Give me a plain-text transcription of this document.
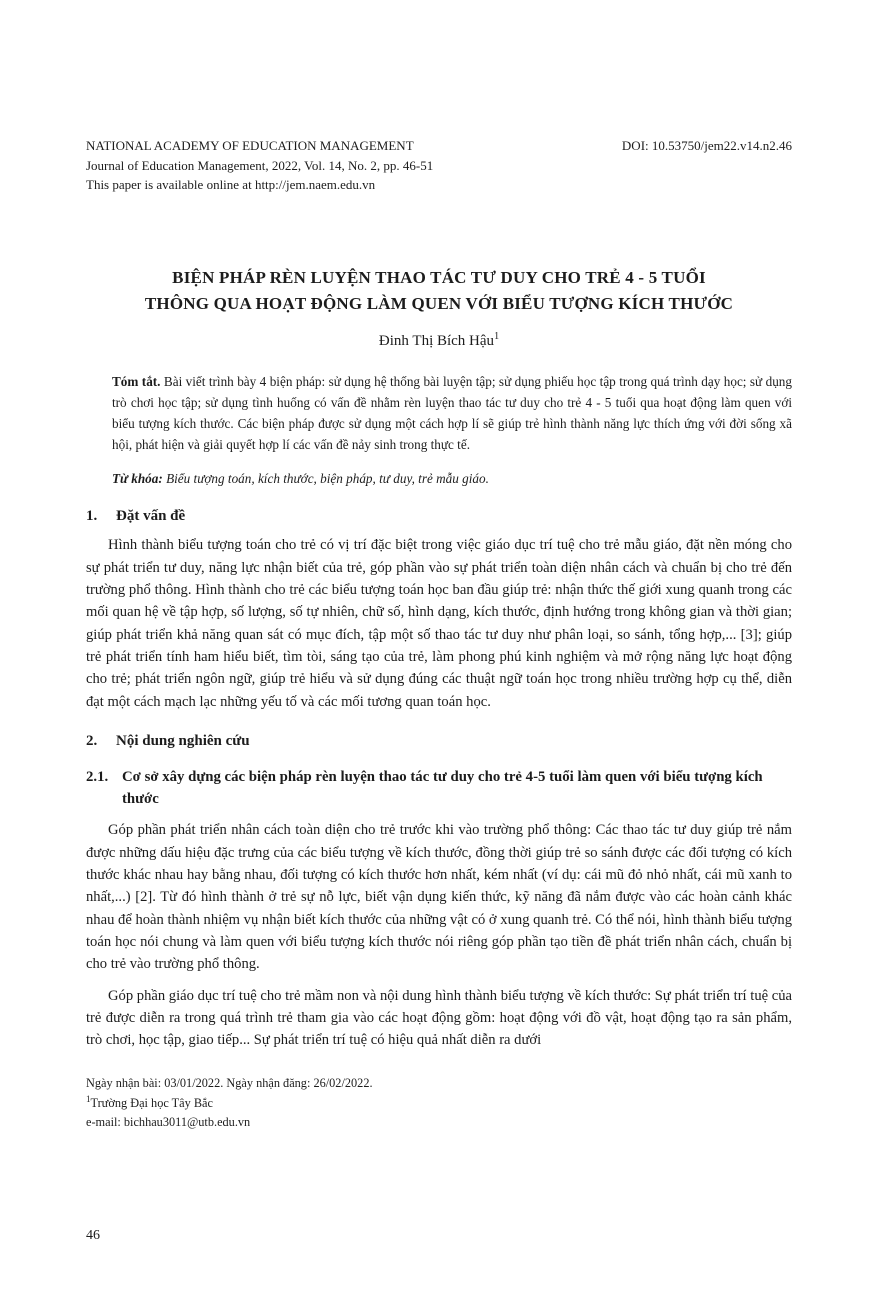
NATIONAL ACADEMY OF EDUCATION MANAGEMENT
Journal of Education Management, 2022, Vol. 14, No. 2, pp. 46-51
This paper is available online at http://jem.naem.edu.vn
DOI: 10.53750/jem22.v14.n2.46
BIỆN PHÁP RÈN LUYỆN THAO TÁC TƯ DUY CHO TRẺ 4 - 5 TUỔI
THÔNG QUA HOẠT ĐỘNG LÀM QUEN VỚI BIỂU TƯỢNG KÍCH THƯỚC
Đinh Thị Bích Hậu$^1$
Tóm tắt. Bài viết trình bày 4 biện pháp: sử dụng hệ thống bài luyện tập; sử dụng phiếu học tập trong quá trình dạy học; sử dụng trò chơi học tập; sử dụng tình huống có vấn đề nhằm rèn luyện thao tác tư duy cho trẻ 4 - 5 tuổi qua hoạt động làm quen với biểu tượng kích thước. Các biện pháp được sử dụng một cách hợp lí sẽ giúp trẻ hình thành năng lực thích ứng với đời sống xã hội, phát hiện và giải quyết hợp lí các vấn đề nảy sinh trong thực tế.
Từ khóa: Biểu tượng toán, kích thước, biện pháp, tư duy, trẻ mẫu giáo.
1.	Đặt vấn đề

Hình thành biểu tượng toán cho trẻ có vị trí đặc biệt trong việc giáo dục trí tuệ cho trẻ mẫu giáo, đặt nền móng cho sự phát triển tư duy, năng lực nhận biết của trẻ, góp phần vào sự phát triển toàn diện nhân cách và chuẩn bị cho trẻ đến trường phổ thông. Hình thành cho trẻ các biểu tượng toán học ban đầu giúp trẻ: nhận thức thế giới xung quanh trong các mối quan hệ về tập hợp, số lượng, số tự nhiên, chữ số, hình dạng, kích thước, định hướng trong không gian và thời gian; giúp phát triển khả năng quan sát có mục đích, tập một số thao tác tư duy như phân loại, so sánh, tổng hợp,... [3]; giúp trẻ phát triển tính ham hiểu biết, tìm tòi, sáng tạo của trẻ, làm phong phú kinh nghiệm và mở rộng năng lực hoạt động cho trẻ; phát triển ngôn ngữ, giúp trẻ hiểu và sử dụng đúng các thuật ngữ toán học trong nhiều trường hợp cụ thể, diễn đạt một cách mạch lạc những yếu tố và các mối tương quan toán học.

2.	Nội dung nghiên cứu
2.1. Cơ sở xây dựng các biện pháp rèn luyện thao tác tư duy cho trẻ 4-5 tuổi làm quen với biểu tượng kích thước

Góp phần phát triển nhân cách toàn diện cho trẻ trước khi vào trường phổ thông: Các thao tác tư duy giúp trẻ nắm được những dấu hiệu đặc trưng của các biểu tượng về kích thước, đồng thời giúp trẻ so sánh được các đối tượng có kích thước khác nhau hay bằng nhau, đối tượng có kích thước hơn nhất, kém nhất (ví dụ: cái mũ đỏ nhỏ nhất, cái mũ xanh to nhất,...) [2]. Từ đó hình thành ở trẻ sự nỗ lực, biết vận dụng kiến thức, kỹ năng đã nắm được vào các hoàn cảnh khác nhau để hoàn thành nhiệm vụ nhận biết kích thước của những vật có ở xung quanh trẻ. Có thể nói, hình thành biểu tượng toán học nói chung và làm quen với biểu tượng kích thước nói riêng góp phần tạo tiền đề phát triển nhân cách, chuẩn bị cho trẻ vào trường phổ thông.

Góp phần giáo dục trí tuệ cho trẻ mầm non và nội dung hình thành biểu tượng về kích thước: Sự phát triển trí tuệ của trẻ được diễn ra trong quá trình trẻ tham gia vào các hoạt động gồm: hoạt động với đồ vật, hoạt động tạo ra sản phẩm, trò chơi, học tập, giao tiếp... Sự phát triển trí tuệ có hiệu quả nhất diễn ra dưới

Ngày nhận bài: 03/01/2022. Ngày nhận đăng: 26/02/2022.
$^1$Trường Đại học Tây Bắc
e-mail: bichhau3011@utb.edu.vn
46
